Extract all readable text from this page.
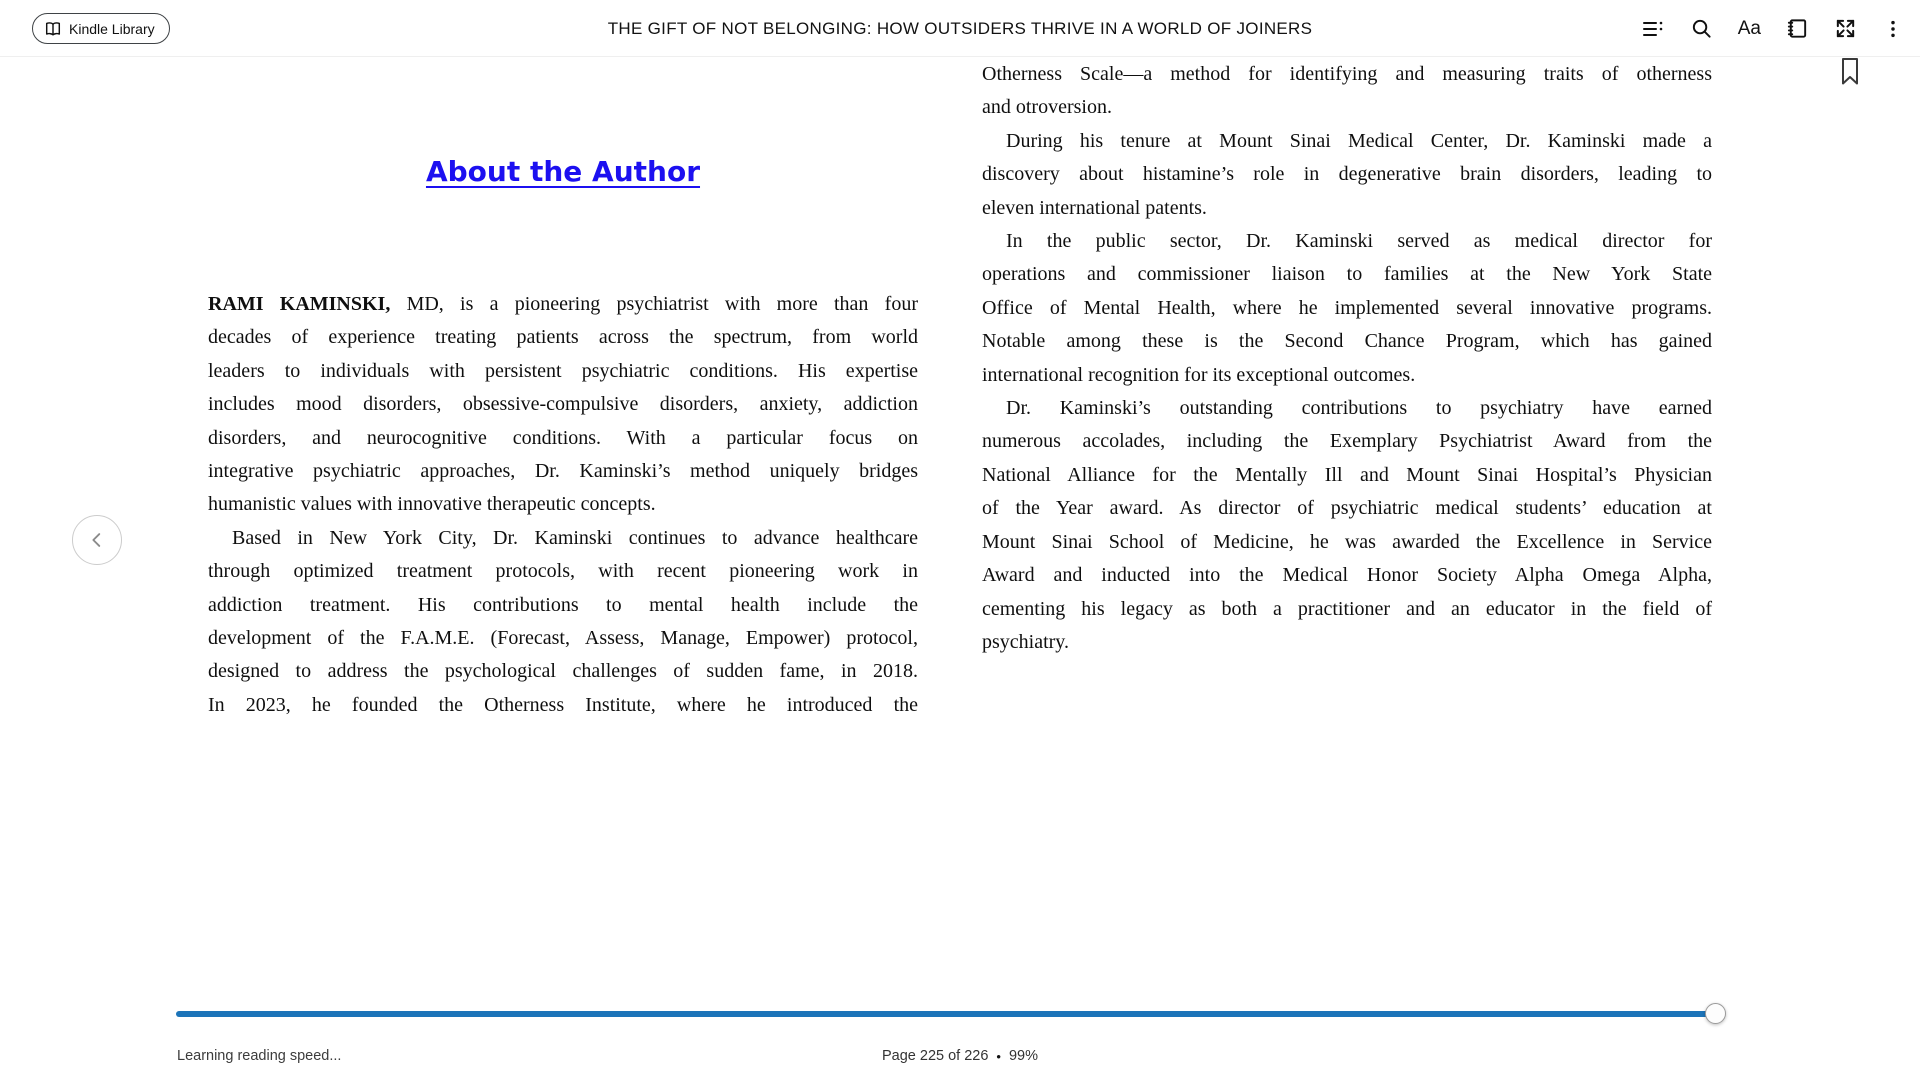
Kindle Library	THE GIFT OF NOT BELONGING: HOW OUTSIDERS THRIVE IN A WORLD OF JOINERS	Aa
About the Author
RAMI KAMINSKI, MD, is a pioneering psychiatrist with more than four
decades of experience treating patients across the spectrum, from world
leaders to individuals with persistent psychiatric conditions. His expertise
includes mood disorders, obsessive-compulsive disorders, anxiety, addiction
disorders, and neurocognitive conditions. With a particular focus on
integrative psychiatric approaches, Dr. Kaminski’s method uniquely bridges
humanistic values with innovative therapeutic concepts.
Based in New York City, Dr. Kaminski continues to advance healthcare
through optimized treatment protocols, with recent pioneering work in
addiction treatment. His contributions to mental health include the
development of the F.A.M.E. (Forecast, Assess, Manage, Empower) protocol,
designed to address the psychological challenges of sudden fame, in 2018.
In 2023, he founded the Otherness Institute, where he introduced the
Otherness Scale—a method for identifying and measuring traits of otherness
and otroversion.
During his tenure at Mount Sinai Medical Center, Dr. Kaminski made a
discovery about histamine’s role in degenerative brain disorders, leading to
eleven international patents.
In the public sector, Dr. Kaminski served as medical director for
operations and commissioner liaison to families at the New York State
Office of Mental Health, where he implemented several innovative programs.
Notable among these is the Second Chance Program, which has gained
international recognition for its exceptional outcomes.
Dr. Kaminski’s outstanding contributions to psychiatry have earned
numerous accolades, including the Exemplary Psychiatrist Award from the
National Alliance for the Mentally Ill and Mount Sinai Hospital’s Physician
of the Year award. As director of psychiatric medical students’ education at
Mount Sinai School of Medicine, he was awarded the Excellence in Service
Award and inducted into the Medical Honor Society Alpha Omega Alpha,
cementing his legacy as both a practitioner and an educator in the field of
psychiatry.
Learning reading speed...	Page 225 of 226 • 99%
